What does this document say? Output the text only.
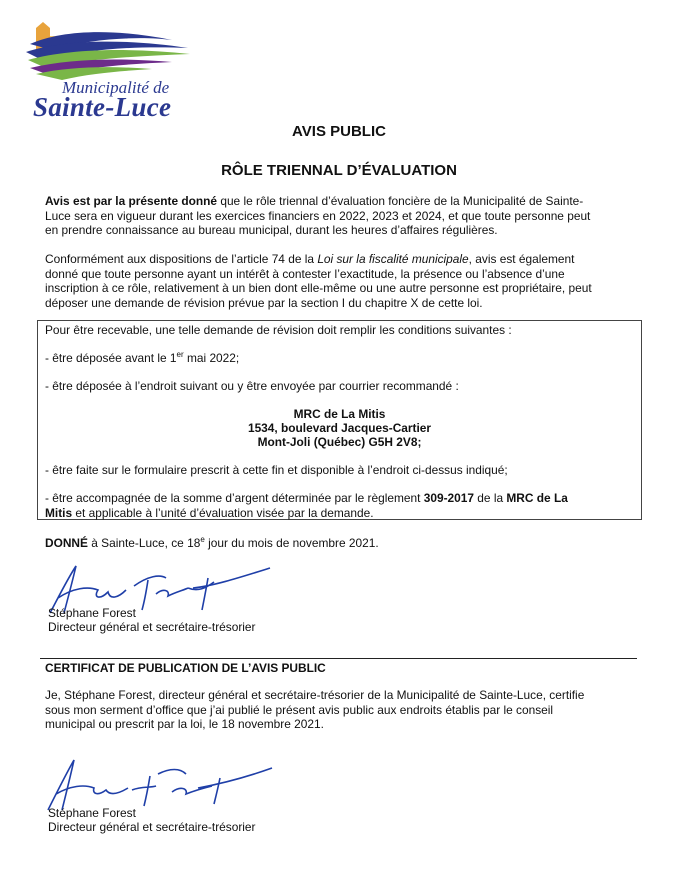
Municipalité de
Sainte-Luce
AVIS PUBLIC
RÔLE TRIENNAL D’ÉVALUATION
Avis est par la présente donné que le rôle triennal d’évaluation foncière de la Municipalité de Sainte-
Luce sera en vigueur durant les exercices financiers en 2022, 2023 et 2024, et que toute personne peut
en prendre connaissance au bureau municipal, durant les heures d’affaires régulières.
Conformément aux dispositions de l’article 74 de la Loi sur la fiscalité municipale, avis est également
donné que toute personne ayant un intérêt à contester l’exactitude, la présence ou l’absence d’une
inscription à ce rôle, relativement à un bien dont elle-même ou une autre personne est propriétaire, peut
déposer une demande de révision prévue par la section I du chapitre X de cette loi.
Pour être recevable, une telle demande de révision doit remplir les conditions suivantes :
- être déposée avant le 1er mai 2022;
- être déposée à l’endroit suivant ou y être envoyée par courrier recommandé :
MRC de La Mitis
1534, boulevard Jacques-Cartier
Mont-Joli (Québec) G5H 2V8;
- être faite sur le formulaire prescrit à cette fin et disponible à l’endroit ci-dessus indiqué;
- être accompagnée de la somme d’argent déterminée par le règlement 309-2017 de la MRC de La
Mitis et applicable à l’unité d’évaluation visée par la demande.
DONNÉ à Sainte-Luce, ce 18e jour du mois de novembre 2021.
Stéphane Forest
Directeur général et secrétaire-trésorier
CERTIFICAT DE PUBLICATION DE L’AVIS PUBLIC
Je, Stéphane Forest, directeur général et secrétaire-trésorier de la Municipalité de Sainte-Luce, certifie
sous mon serment d’office que j’ai publié le présent avis public aux endroits établis par le conseil
municipal ou prescrit par la loi, le 18 novembre 2021.
Stéphane Forest
Directeur général et secrétaire-trésorier
